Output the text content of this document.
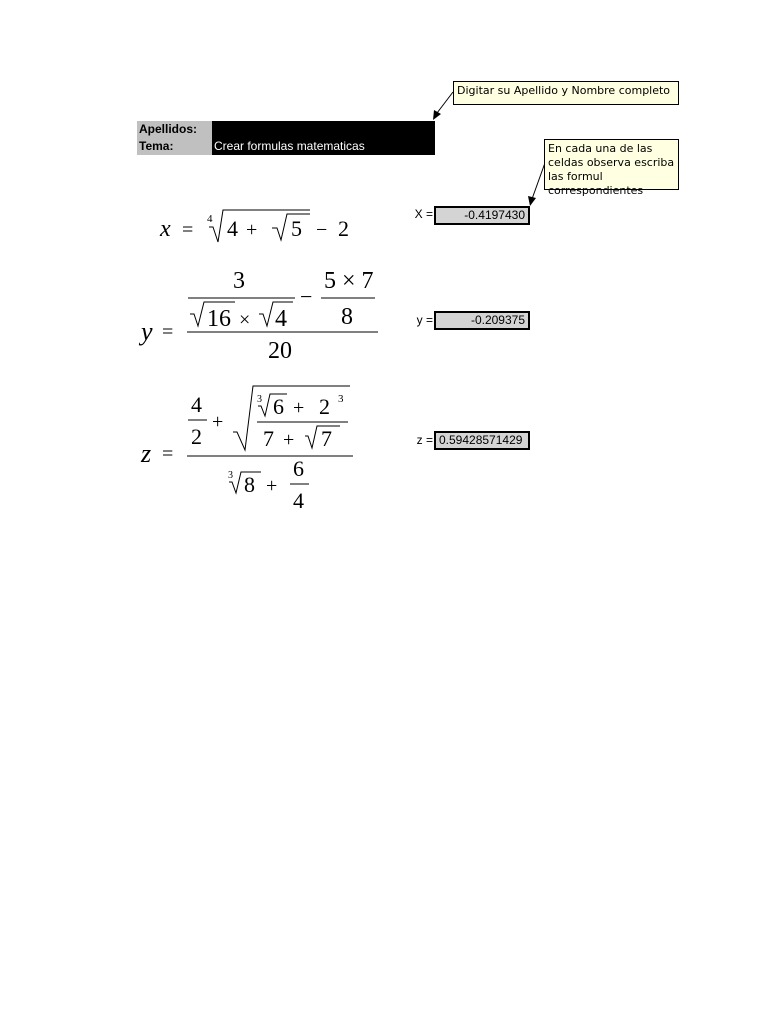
Apellidos:
Tema:	Crear formulas matematicas
Digitar su Apellido y Nombre completo
En cada una de las celdas observa escriba las formul correspondientes
x = 4 4 + 5 − 2
y =
3
16 × 4
−
5 × 7
8
20
z =
4
2
+
3 6 + 2 3
7 + 7
3 8 +
6
4
X =	-0.4197430
y =	-0.209375
z = 0.59428571429
